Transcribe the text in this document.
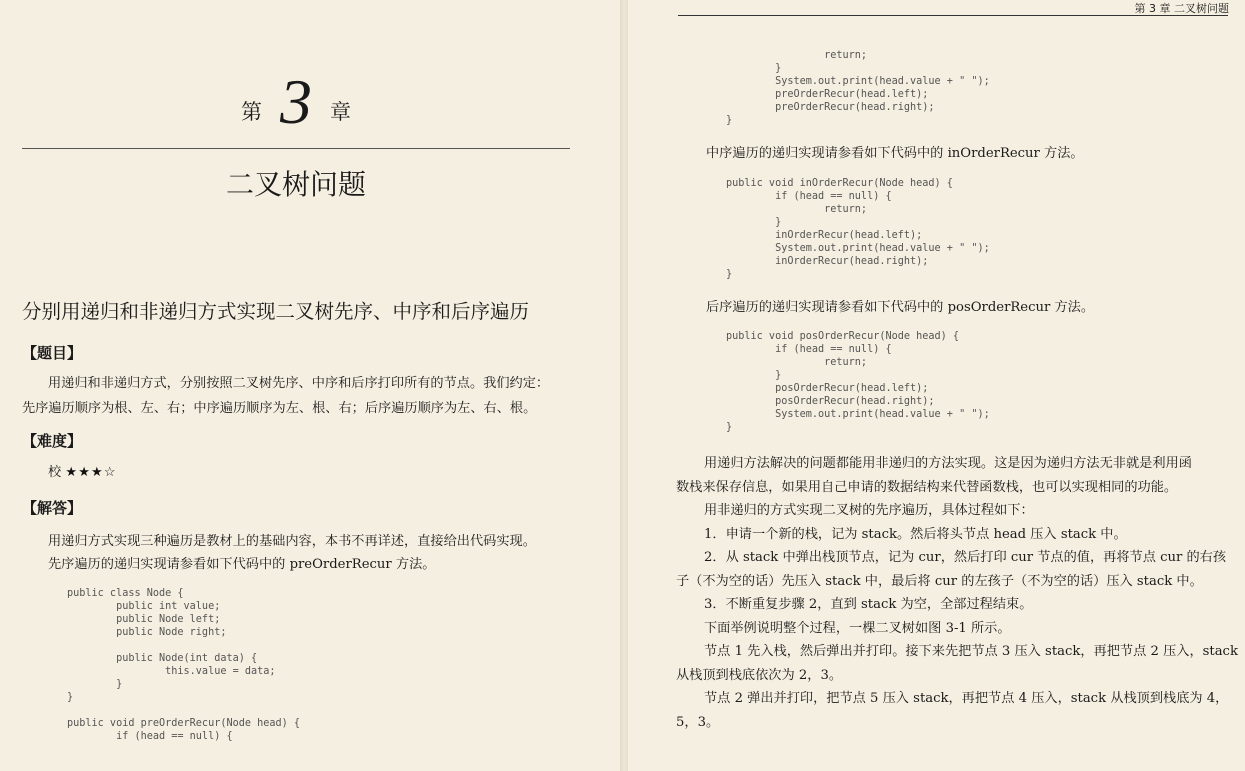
第 3 章
二叉树问题
分别用递归和非递归方式实现二叉树先序、中序和后序遍历
【题目】
用递归和非递归方式，分别按照二叉树先序、中序和后序打印所有的节点。我们约定：
先序遍历顺序为根、左、右；中序遍历顺序为左、根、右；后序遍历顺序为左、右、根。
【难度】
校 ★★★☆
【解答】
用递归方式实现三种遍历是教材上的基础内容，本书不再详述，直接给出代码实现。
先序遍历的递归实现请参看如下代码中的 preOrderRecur 方法。
public class Node {
public int value;
public Node left;
public Node right;

public Node(int data) {
this.value = data;
}
}

public void preOrderRecur(Node head) {
if (head == null) {
第 3 章 二叉树问题
return;
}
System.out.print(head.value + " ");
preOrderRecur(head.left);
preOrderRecur(head.right);
}
中序遍历的递归实现请参看如下代码中的 inOrderRecur 方法。
public void inOrderRecur(Node head) {
if (head == null) {
return;
}
inOrderRecur(head.left);
System.out.print(head.value + " ");
inOrderRecur(head.right);
}
后序遍历的递归实现请参看如下代码中的 posOrderRecur 方法。
public void posOrderRecur(Node head) {
if (head == null) {
return;
}
posOrderRecur(head.left);
posOrderRecur(head.right);
System.out.print(head.value + " ");
}
用递归方法解决的问题都能用非递归的方法实现。这是因为递归方法无非就是利用函
数栈来保存信息，如果用自己申请的数据结构来代替函数栈，也可以实现相同的功能。
用非递归的方式实现二叉树的先序遍历，具体过程如下：
1．申请一个新的栈，记为 stack。然后将头节点 head 压入 stack 中。
2．从 stack 中弹出栈顶节点，记为 cur，然后打印 cur 节点的值，再将节点 cur 的右孩
子（不为空的话）先压入 stack 中，最后将 cur 的左孩子（不为空的话）压入 stack 中。
3．不断重复步骤 2，直到 stack 为空，全部过程结束。
下面举例说明整个过程，一棵二叉树如图 3-1 所示。
节点 1 先入栈，然后弹出并打印。接下来先把节点 3 压入 stack，再把节点 2 压入，stack
从栈顶到栈底依次为 2，3。
节点 2 弹出并打印，把节点 5 压入 stack，再把节点 4 压入，stack 从栈顶到栈底为 4，
5，3。
